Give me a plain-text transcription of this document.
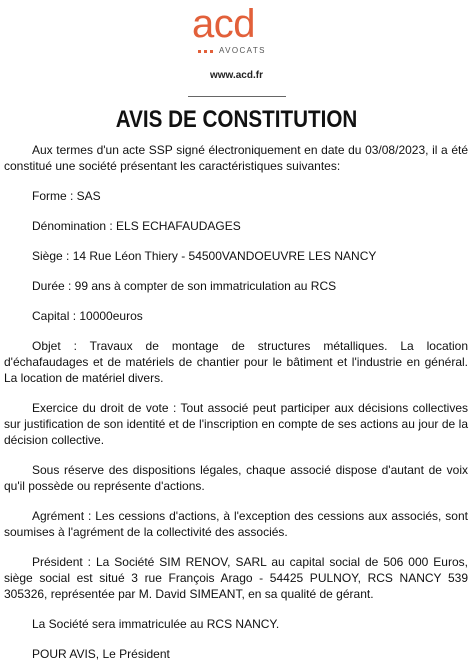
acd
AVOCATS
www.acd.fr
AVIS DE CONSTITUTION

Aux termes d'un acte SSP signé électroniquement en date du 03/08/2023, il a été constitué une société présentant les caractéristiques suivantes:

Forme : SAS

Dénomination : ELS ECHAFAUDAGES

Siège : 14 Rue Léon Thiery - 54500VANDOEUVRE LES NANCY

Durée : 99 ans à compter de son immatriculation au RCS

Capital : 10000euros

Objet : Travaux de montage de structures métalliques. La location d'échafaudages et de matériels de chantier pour le bâtiment et l'industrie en général. La location de matériel divers.

Exercice du droit de vote : Tout associé peut participer aux décisions collectives sur justification de son identité et de l'inscription en compte de ses actions au jour de la décision collective.

Sous réserve des dispositions légales, chaque associé dispose d'autant de voix qu'il possède ou représente d'actions.

Agrément : Les cessions d'actions, à l'exception des cessions aux associés, sont soumises à l'agrément de la collectivité des associés.

Président : La Société SIM RENOV, SARL au capital social de 506 000 Euros, siège social est situé 3 rue François Arago - 54425 PULNOY, RCS NANCY 539 305326, représentée par M. David SIMEANT, en sa qualité de gérant.

La Société sera immatriculée au RCS NANCY.

POUR AVIS, Le Président
